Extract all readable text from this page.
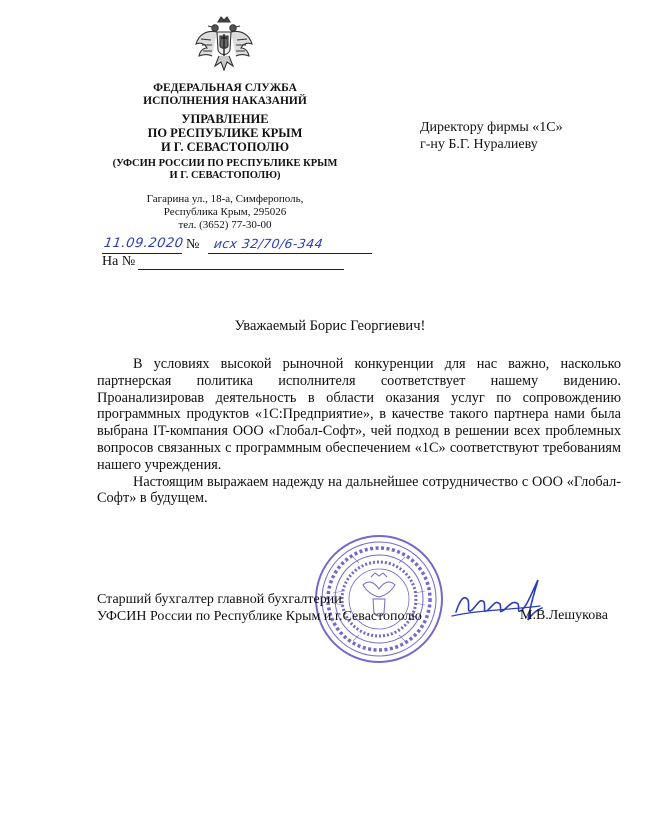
ФЕДЕРАЛЬНАЯ СЛУЖБА
ИСПОЛНЕНИЯ НАКАЗАНИЙ
УПРАВЛЕНИЕ
ПО РЕСПУБЛИКЕ КРЫМ
И Г. СЕВАСТОПОЛЮ
(УФСИН РОССИИ ПО РЕСПУБЛИКЕ КРЫМ
И Г. СЕВАСТОПОЛЮ)
Гагарина ул., 18-а, Симферополь,
Республика Крым, 295026
тел. (3652) 77-30-00
11.09.2020 № исх 32/70/6-344
На №
Директору фирмы «1С»
г-ну Б.Г. Нуралиеву
Уважаемый Борис Георгиевич!

В условиях высокой рыночной конкуренции для нас важно, насколько партнерская политика исполнителя соответствует нашему видению. Проанализировав деятельность в области оказания услуг по сопровождению программных продуктов «1С:Предприятие», в качестве такого партнера нами была выбрана IT-компания ООО «Глобал-Софт», чей подход в решении всех проблемных вопросов связанных с программным обеспечением «1С» соответствуют требованиям нашего учреждения.

Настоящим выражаем надежду на дальнейшее сотрудничество с ООО «Глобал-Софт» в будущем.

Старший бухгалтер главной бухгалтерии
УФСИН России по Республике Крым и г.Севастополю	М.В.Лешукова
